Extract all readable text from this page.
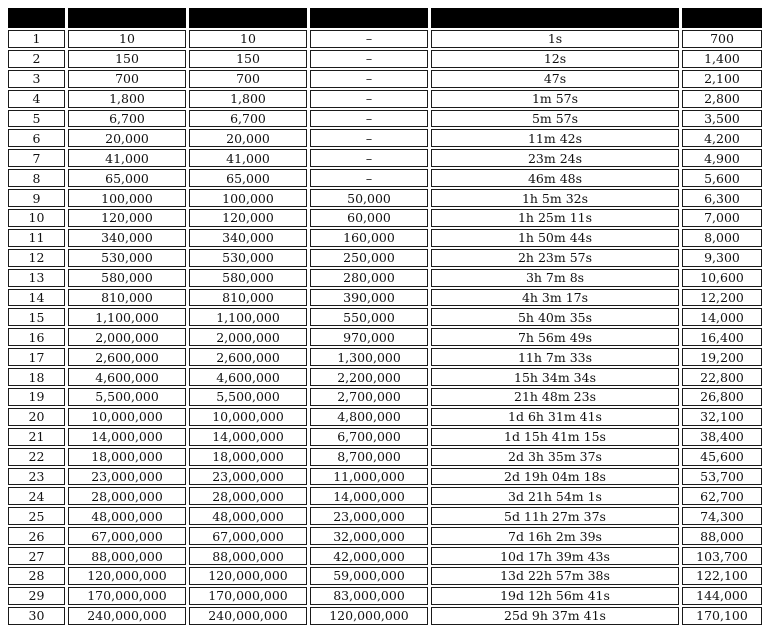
1	10	10	–	1s	700
2	150	150	–	12s	1,400
3	700	700	–	47s	2,100
4	1,800	1,800	–	1m 57s	2,800
5	6,700	6,700	–	5m 57s	3,500
6	20,000	20,000	–	11m 42s	4,200
7	41,000	41,000	–	23m 24s	4,900
8	65,000	65,000	–	46m 48s	5,600
9	100,000	100,000	50,000	1h 5m 32s	6,300
10	120,000	120,000	60,000	1h 25m 11s	7,000
11	340,000	340,000	160,000	1h 50m 44s	8,000
12	530,000	530,000	250,000	2h 23m 57s	9,300
13	580,000	580,000	280,000	3h 7m 8s	10,600
14	810,000	810,000	390,000	4h 3m 17s	12,200
15	1,100,000	1,100,000	550,000	5h 40m 35s	14,000
16	2,000,000	2,000,000	970,000	7h 56m 49s	16,400
17	2,600,000	2,600,000	1,300,000	11h 7m 33s	19,200
18	4,600,000	4,600,000	2,200,000	15h 34m 34s	22,800
19	5,500,000	5,500,000	2,700,000	21h 48m 23s	26,800
20	10,000,000	10,000,000	4,800,000	1d 6h 31m 41s	32,100
21	14,000,000	14,000,000	6,700,000	1d 15h 41m 15s	38,400
22	18,000,000	18,000,000	8,700,000	2d 3h 35m 37s	45,600
23	23,000,000	23,000,000	11,000,000	2d 19h 04m 18s	53,700
24	28,000,000	28,000,000	14,000,000	3d 21h 54m 1s	62,700
25	48,000,000	48,000,000	23,000,000	5d 11h 27m 37s	74,300
26	67,000,000	67,000,000	32,000,000	7d 16h 2m 39s	88,000
27	88,000,000	88,000,000	42,000,000	10d 17h 39m 43s	103,700
28	120,000,000	120,000,000	59,000,000	13d 22h 57m 38s	122,100
29	170,000,000	170,000,000	83,000,000	19d 12h 56m 41s	144,000
30	240,000,000	240,000,000	120,000,000	25d 9h 37m 41s	170,100
